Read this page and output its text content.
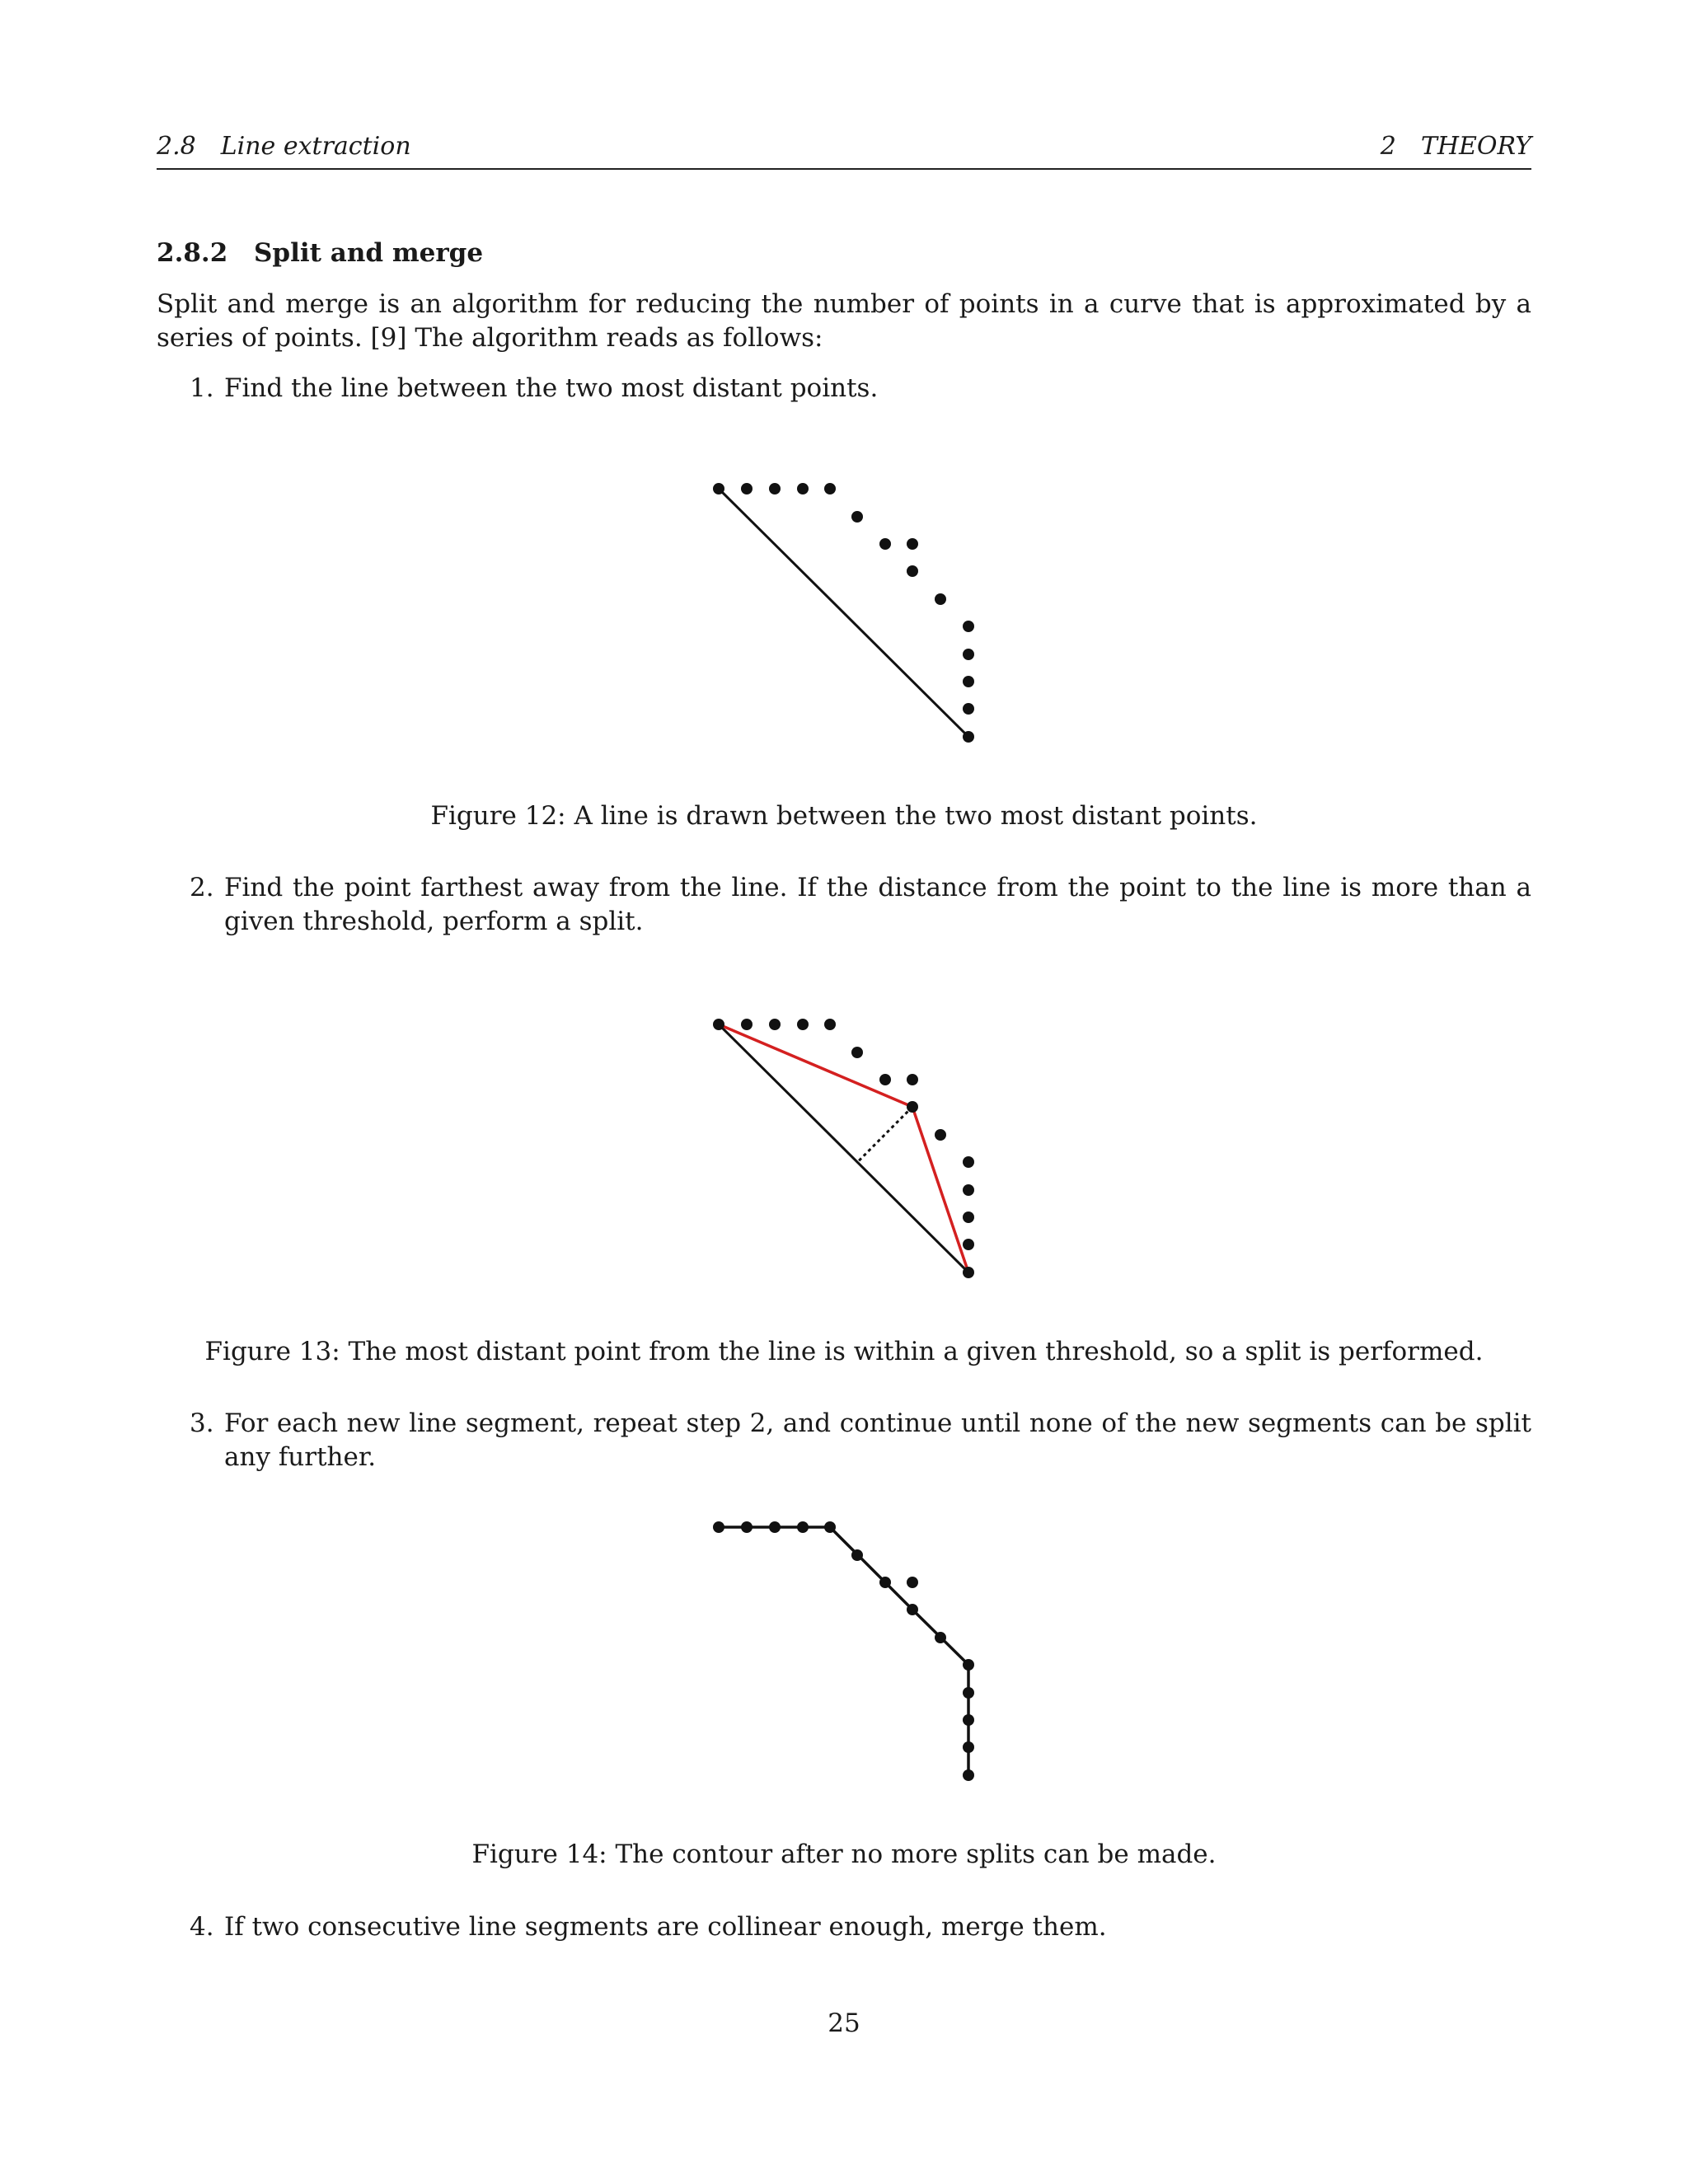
2.8 Line extraction	2 THEORY
2.8.2 Split and merge
Split and merge is an algorithm for reducing the number of points in a curve that is approximated by a series of points. [9] The algorithm reads as follows:
1. Find the line between the two most distant points.
Figure 12: A line is drawn between the two most distant points.
2. Find the point farthest away from the line. If the distance from the point to the line is more than a given threshold, perform a split.
Figure 13: The most distant point from the line is within a given threshold, so a split is performed.
3. For each new line segment, repeat step 2, and continue until none of the new segments can be split any further.
Figure 14: The contour after no more splits can be made.
4. If two consecutive line segments are collinear enough, merge them.
25
